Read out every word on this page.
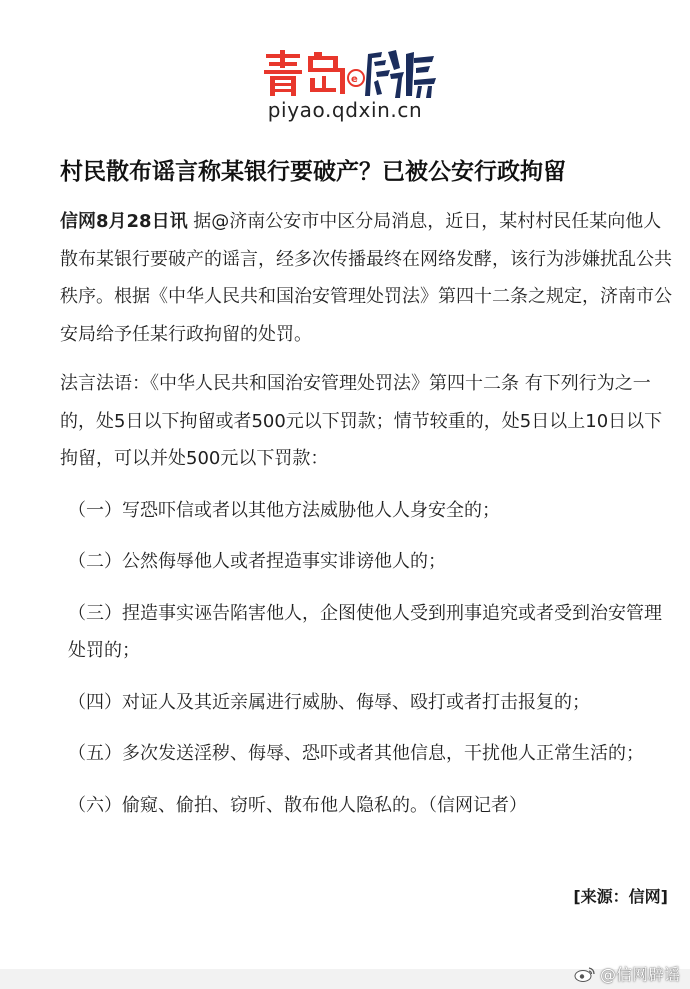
e
piyao.qdxin.cn
村民散布谣言称某银行要破产？已被公安行政拘留

信网8月28日讯 据@济南公安市中区分局消息，近日，某村村民任某向他人散布某银行要破产的谣言，经多次传播最终在网络发酵，该行为涉嫌扰乱公共秩序。根据《中华人民共和国治安管理处罚法》第四十二条之规定，济南市公安局给予任某行政拘留的处罚。

法言法语：《中华人民共和国治安管理处罚法》第四十二条 有下列行为之一的，处5日以下拘留或者500元以下罚款；情节较重的，处5日以上10日以下拘留，可以并处500元以下罚款：

（一）写恐吓信或者以其他方法威胁他人人身安全的；

（二）公然侮辱他人或者捏造事实诽谤他人的；

（三）捏造事实诬告陷害他人，企图使他人受到刑事追究或者受到治安管理处罚的；

（四）对证人及其近亲属进行威胁、侮辱、殴打或者打击报复的；

（五）多次发送淫秽、侮辱、恐吓或者其他信息，干扰他人正常生活的；

（六）偷窥、偷拍、窃听、散布他人隐私的。（信网记者）

[来源：信网]
@信网辟谣
